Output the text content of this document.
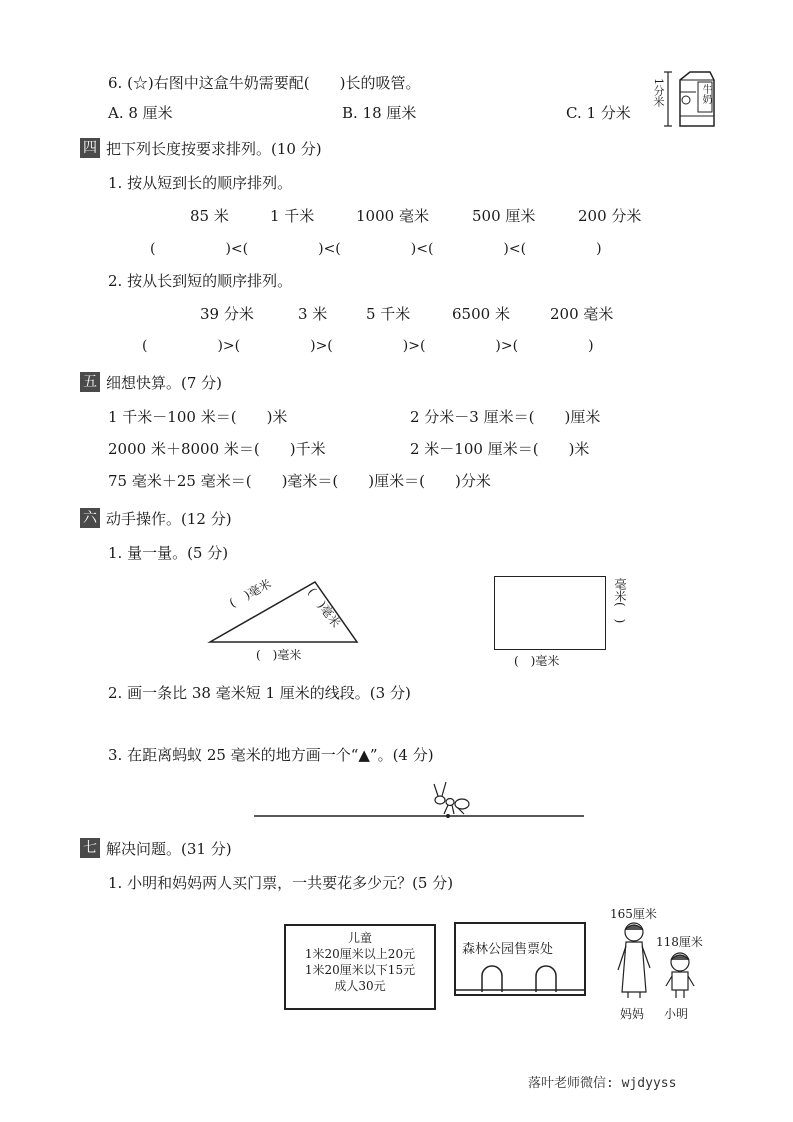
6. (☆)右图中这盒牛奶需要配(　　)长的吸管。
A. 8 厘米	B. 18 厘米	C. 1 分米
1分米	牛奶
四 把下列长度按要求排列。(10 分)
1. 按从短到长的顺序排列。
85 米	1 千米	1000 毫米	500 厘米	200 分米
(　　　　　)<(　　　　　)<(　　　　　)<(　　　　　)<(　　　　　)
2. 按从长到短的顺序排列。
39 分米	3 米	5 千米	6500 米	200 毫米
(　　　　　)>(　　　　　)>(　　　　　)>(　　　　　)>(　　　　　)
五 细想快算。(7 分)
1 千米－100 米＝(　　)米	2 分米－3 厘米＝(　　)厘米
2000 米＋8000 米＝(　　)千米	2 米－100 厘米＝(　　)米
75 毫米＋25 毫米＝(　　)毫米＝(　　)厘米＝(　　)分米
六 动手操作。(12 分)
1. 量一量。(5 分)
(　)毫米	(　)毫米
(　)毫米
毫米(　)
(　)毫米
2. 画一条比 38 毫米短 1 厘米的线段。(3 分)
3. 在距离蚂蚁 25 毫米的地方画一个“▲”。(4 分)
七 解决问题。(31 分)
1. 小明和妈妈两人买门票，一共要花多少元？(5 分)
儿童
1米20厘米以上20元
1米20厘米以下15元
成人30元
森林公园售票处
165厘米
118厘米
妈妈 小明
落叶老师微信: wjdyyss
